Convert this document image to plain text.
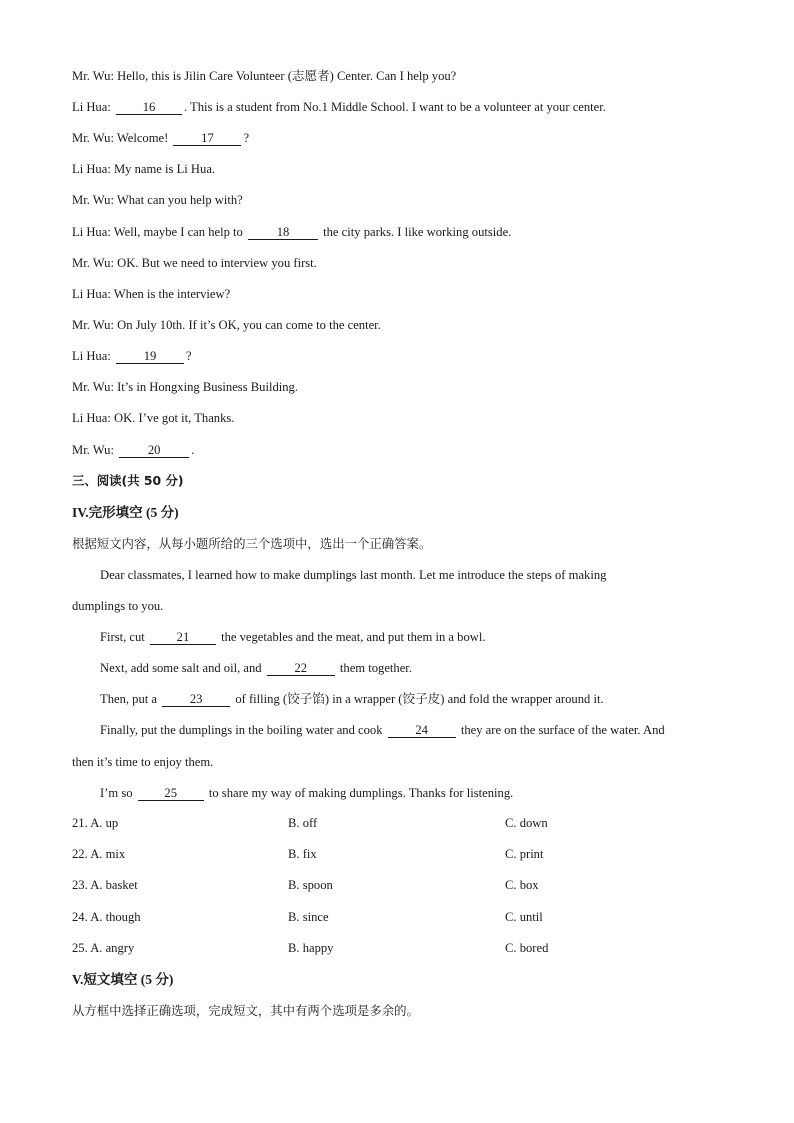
Mr. Wu: Hello, this is Jilin Care Volunteer (志愿者) Center. Can I help you?
Li Hua:	16 . This is a student from No.1 Middle School. I want to be a volunteer at your center.
Mr. Wu: Welcome!	17 ?
Li Hua: My name is Li Hua.
Mr. Wu: What can you help with?
Li Hua: Well, maybe I can help to	18	the city parks. I like working outside.
Mr. Wu: OK. But we need to interview you first.
Li Hua: When is the interview?
Mr. Wu: On July 10th. If it’s OK, you can come to the center.
Li Hua:	19 ?
Mr. Wu: It’s in Hongxing Business Building.
Li Hua: OK. I’ve got it, Thanks.
Mr. Wu:	20 .
三、阅读(共 50 分)
IV.完形填空 (5 分)
根据短文内容，从每小题所给的三个选项中，选出一个正确答案。
Dear classmates, I learned how to make dumplings last month. Let me introduce the steps of making
dumplings to you.
First, cut	21	the vegetables and the meat, and put them in a bowl.
Next, add some salt and oil, and	22	them together.
Then, put a	23	of filling (饺子馅) in a wrapper (饺子皮) and fold the wrapper around it.
Finally, put the dumplings in the boiling water and cook	24	they are on the surface of the water. And
then it’s time to enjoy them.
I’m so	25	to share my way of making dumplings. Thanks for listening.
21. A. up	B. off	C. down
22. A. mix	B. fix	C. print
23. A. basket	B. spoon	C. box
24. A. though	B. since	C. until
25. A. angry	B. happy	C. bored
V.短文填空 (5 分)
从方框中选择正确选项，完成短文，其中有两个选项是多余的。
